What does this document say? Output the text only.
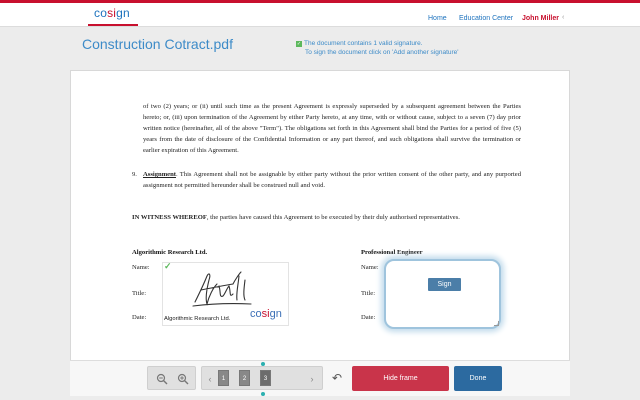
cosign	Home Education Center John Miller ‹
Construction Cotract.pdf	✓ The document contains 1 valid signature.
To sign the document click on 'Add another signature'
of two (2) years; or (ii) until such time as the present Agreement is expressly superseded by a subsequent agreement between the Parties hereto; or, (iii) upon termination of the Agreement by either Party hereto, at any time, with or without cause, subject to a seven (7) day prior written notice (hereinafter, all of the above "Term"). The obligations set forth in this Agreement shall bind the Parties for a period of five (5) years from the date of disclosure of the Confidential Information or any part thereof, and such obligations shall survive the termination or earlier expiration of this Agreement.
9. Assignment. This Agreement shall not be assignable by either party without the prior written consent of the other party, and any purported assignment not permitted hereunder shall be construed null and void.
IN WITNESS WHEREOF, the parties have caused this Agreement to be executed by their duly authorised representatives.
Algorithmic Research Ltd.	Professional Engineer
Name:
Title:
Date:
Name:
Title:
Date:
✓
Algorithmic Research Ltd. cosign
Sign
‹	1	2	3	›	↶	Hide frame	Done
